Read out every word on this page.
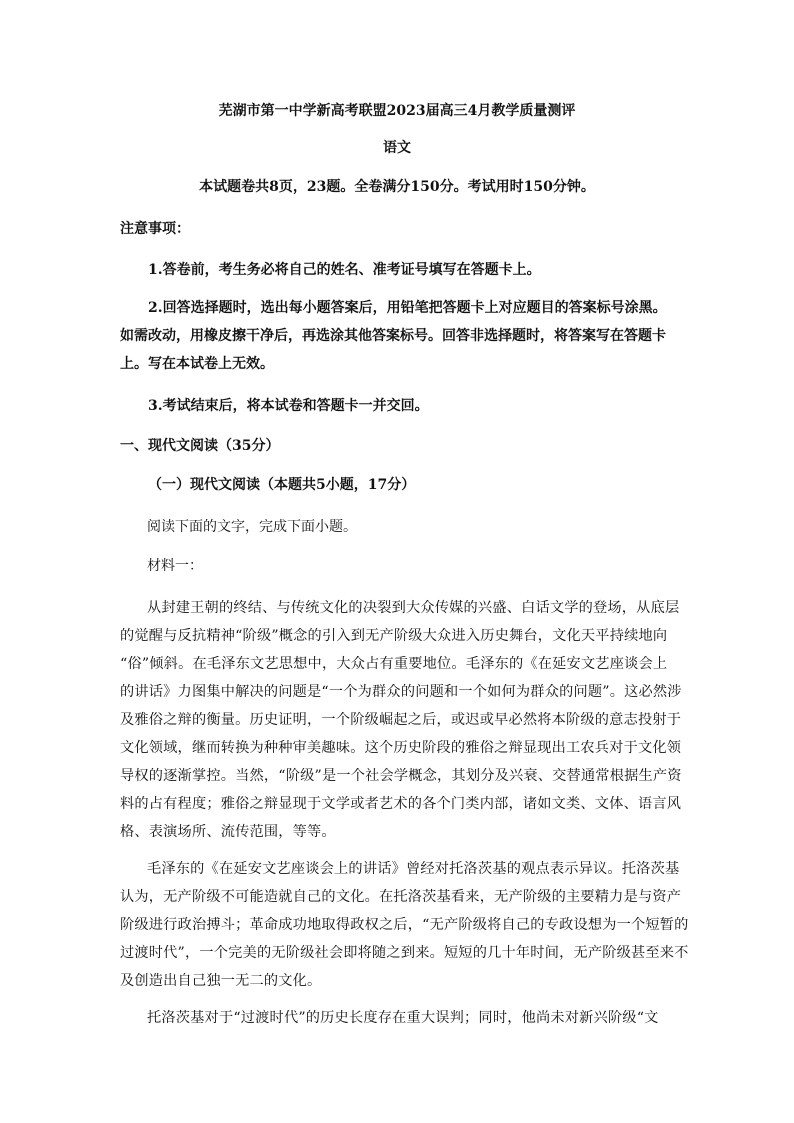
芜湖市第一中学新高考联盟2023届高三4月教学质量测评
语文
本试题卷共8页，23题。全卷满分150分。考试用时150分钟。
注意事项：
1.答卷前，考生务必将自己的姓名、准考证号填写在答题卡上。
2.回答选择题时，选出每小题答案后，用铅笔把答题卡上对应题目的答案标号涂黑。
如需改动，用橡皮擦干净后，再选涂其他答案标号。回答非选择题时，将答案写在答题卡
上。写在本试卷上无效。
3.考试结束后，将本试卷和答题卡一并交回。
一、现代文阅读（35分）
（一）现代文阅读（本题共5小题，17分）
阅读下面的文字，完成下面小题。
材料一：
从封建王朝的终结、与传统文化的决裂到大众传媒的兴盛、白话文学的登场，从底层
的觉醒与反抗精神“阶级”概念的引入到无产阶级大众进入历史舞台，文化天平持续地向
“俗”倾斜。在毛泽东文艺思想中，大众占有重要地位。毛泽东的《在延安文艺座谈会上
的讲话》力图集中解决的问题是“一个为群众的问题和一个如何为群众的问题”。这必然涉
及雅俗之辩的衡量。历史证明，一个阶级崛起之后，或迟或早必然将本阶级的意志投射于
文化领域，继而转换为种种审美趣味。这个历史阶段的雅俗之辩显现出工农兵对于文化领
导权的逐渐掌控。当然，“阶级”是一个社会学概念，其划分及兴衰、交替通常根据生产资
料的占有程度；雅俗之辩显现于文学或者艺术的各个门类内部，诸如文类、文体、语言风
格、表演场所、流传范围，等等。
毛泽东的《在延安文艺座谈会上的讲话》曾经对托洛茨基的观点表示异议。托洛茨基
认为，无产阶级不可能造就自己的文化。在托洛茨基看来，无产阶级的主要精力是与资产
阶级进行政治搏斗；革命成功地取得政权之后，“无产阶级将自己的专政设想为一个短暂的
过渡时代”，一个完美的无阶级社会即将随之到来。短短的几十年时间，无产阶级甚至来不
及创造出自己独一无二的文化。
托洛茨基对于“过渡时代”的历史长度存在重大误判；同时，他尚未对新兴阶级“文
